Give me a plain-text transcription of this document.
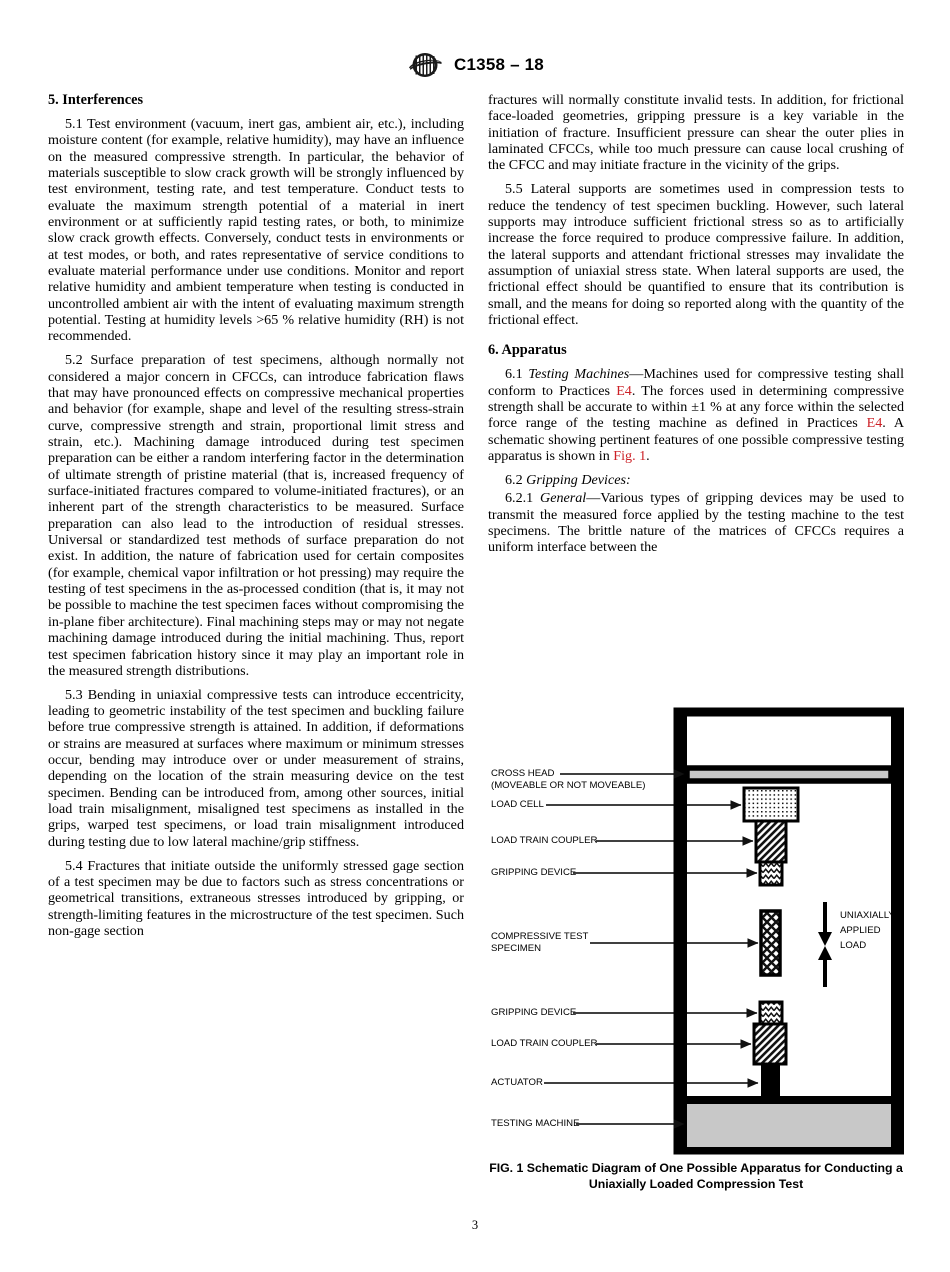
C1358 – 18
5. Interferences

5.1 Test environment (vacuum, inert gas, ambient air, etc.), including moisture content (for example, relative humidity), may have an influence on the measured compressive strength. In particular, the behavior of materials susceptible to slow crack growth will be strongly influenced by test environment, testing rate, and test temperature. Conduct tests to evaluate the maximum strength potential of a material in inert environment or at sufficiently rapid testing rates, or both, to minimize slow crack growth effects. Conversely, conduct tests in environments or at test modes, or both, and rates representative of service conditions to evaluate material performance under use conditions. Monitor and report relative humidity and ambient temperature when testing is conducted in uncontrolled ambient air with the intent of evaluating maximum strength potential. Testing at humidity levels >65 % relative humidity (RH) is not recommended.

5.2 Surface preparation of test specimens, although normally not considered a major concern in CFCCs, can introduce fabrication flaws that may have pronounced effects on compressive mechanical properties and behavior (for example, shape and level of the resulting stress-strain curve, compressive strength and strain, proportional limit stress and strain, etc.). Machining damage introduced during test specimen preparation can be either a random interfering factor in the determination of ultimate strength of pristine material (that is, increased frequency of surface-initiated fractures compared to volume-initiated fractures), or an inherent part of the strength characteristics to be measured. Surface preparation can also lead to the introduction of residual stresses. Universal or standardized test methods of surface preparation do not exist. In addition, the nature of fabrication used for certain composites (for example, chemical vapor infiltration or hot pressing) may require the testing of test specimens in the as-processed condition (that is, it may not be possible to machine the test specimen faces without compromising the in-plane fiber architecture). Final machining steps may or may not negate machining damage introduced during the initial machining. Thus, report test specimen fabrication history since it may play an important role in the measured strength distributions.

5.3 Bending in uniaxial compressive tests can introduce eccentricity, leading to geometric instability of the test specimen and buckling failure before true compressive strength is attained. In addition, if deformations or strains are measured at surfaces where maximum or minimum stresses occur, bending may introduce over or under measurement of strains, depending on the location of the strain measuring device on the test specimen. Bending can be introduced from, among other sources, initial load train misalignment, misaligned test specimens as installed in the grips, warped test specimens, or load train misalignment introduced during testing due to low lateral machine/grip stiffness.

5.4 Fractures that initiate outside the uniformly stressed gage section of a test specimen may be due to factors such as stress concentrations or geometrical transitions, extraneous stresses introduced by gripping, or strength-limiting features in the microstructure of the test specimen. Such non-gage section

fractures will normally constitute invalid tests. In addition, for frictional face-loaded geometries, gripping pressure is a key variable in the initiation of fracture. Insufficient pressure can shear the outer plies in laminated CFCCs, while too much pressure can cause local crushing of the CFCC and may initiate fracture in the vicinity of the grips.

5.5 Lateral supports are sometimes used in compression tests to reduce the tendency of test specimen buckling. However, such lateral supports may introduce sufficient frictional stress so as to artificially increase the force required to produce compressive failure. In addition, the lateral supports and attendant frictional stresses may invalidate the assumption of uniaxial stress state. When lateral supports are used, the frictional effect should be quantified to ensure that its contribution is small, and the means for doing so reported along with the quantity of the frictional effect.

6. Apparatus

6.1 Testing Machines—Machines used for compressive testing shall conform to Practices E4. The forces used in determining compressive strength shall be accurate to within ±1 % at any force within the selected force range of the testing machine as defined in Practices E4. A schematic showing pertinent features of one possible compressive testing apparatus is shown in Fig. 1.

6.2 Gripping Devices:

6.2.1 General—Various types of gripping devices may be used to transmit the measured force applied by the testing machine to the test specimens. The brittle nature of the matrices of CFCCs requires a uniform interface between the

CROSS HEAD
(MOVEABLE OR NOT MOVEABLE)
LOAD CELL
LOAD TRAIN COUPLER
GRIPPING DEVICE
COMPRESSIVE TEST
SPECIMEN
GRIPPING DEVICE
LOAD TRAIN COUPLER
ACTUATOR
TESTING MACHINE
UNIAXIALLY-
APPLIED
LOAD
FIG. 1 Schematic Diagram of One Possible Apparatus for Conducting a Uniaxially Loaded Compression Test
3
